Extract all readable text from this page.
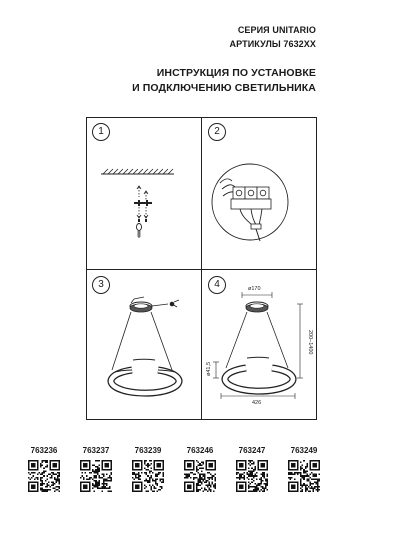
СЕРИЯ UNITARIO
АРТИКУЛЫ 7632XX
ИНСТРУКЦИЯ ПО УСТАНОВКЕ
И ПОДКЛЮЧЕНИЮ СВЕТИЛЬНИКА
1	2
3	4	ø170
200–1400
ø41,5
426
763236	763237	763239	763246	763247	763249
